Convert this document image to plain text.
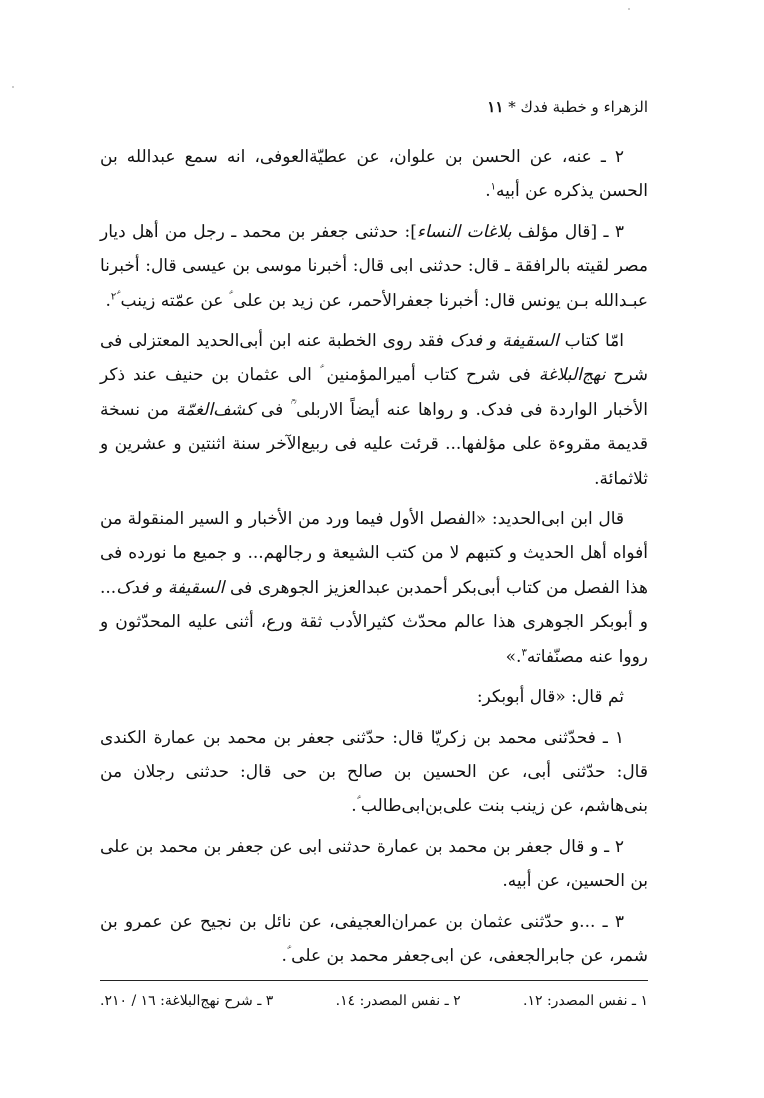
الزهراء و خطبة فدك * ١١

٢ ـ عنه، عن الحسن بن علوان، عن عطيّةالعوفی، انه سمع عبدالله بن الحسن یذکره عن أبیه$^١$.

٣ ـ [قال مؤلف بلاغات النساء]: حدثنی جعفر بن محمد ـ رجل من أهل دیار مصر لقیته بالرافقة ـ قال: حدثنی ابی قال: أخبرنا موسی بن عیسی قال: أخبرنا عبـدالله بـن یونس قال: أخبرنا جعفرالأحمر، عن زید بن علی ؑ عن عمّته زینب ؑ$^٢$.

امّا کتاب السقیفة و فدک فقد روی الخطبة عنه ابن أبی‌الحدید المعتزلی فی شرح نهج‌البلاغة فی شرح کتاب أمیرالمؤمنین ؑ الی عثمان بن حنیف عند ذکر الأخبار الواردة فی فدک. و رواها عنه أیضاً الاربلی ؒ فی کشف‌الغمّة من نسخة قدیمة مقروءة علی مؤلفها... قرئت علیه فی ربیع‌الآخر سنة اثنتین و عشرین و ثلاثمائة.

قال ابن ابی‌الحدید: «الفصل الأول فیما ورد من الأخبار و السیر المنقولة من أفواه أهل الحدیث و کتبهم لا من کتب الشیعة و رجالهم... و جمیع ما نورده فی هذا الفصل من کتاب أبی‌بکر أحمدبن عبدالعزیز الجوهری فی السقیفة و فدک... و أبوبکر الجوهری هذا عالم محدّث کثیرالأدب ثقة ورع، أثنی علیه المحدّثون و رووا عنه مصنّفاته$^٣$.»

ثم قال: «قال أبوبکر:

١ ـ فحدّثنی محمد بن زکریّا قال: حدّثنی جعفر بن محمد بن عمارة الکندی قال: حدّثنی أبی، عن الحسین بن صالح بن حی قال: حدثنی رجلان من بنی‌هاشم، عن زینب بنت علی‌بن‌ابی‌طالب ؑ.

٢ ـ و قال جعفر بن محمد بن عمارة حدثنی ابی عن جعفر بن محمد بن علی بن الحسین، عن أبیه.

٣ ـ ...و حدّثنی عثمان بن عمران‌العجیفی، عن نائل بن نجیح عن عمرو بن شمر، عن جابرالجعفی، عن ابی‌جعفر محمد بن علی ؑ.

١ ـ نفس المصدر: ١٢.
٢ ـ نفس المصدر: ١٤.
٣ ـ شرح نهج‌البلاغة: ١٦ / ٢١٠.
